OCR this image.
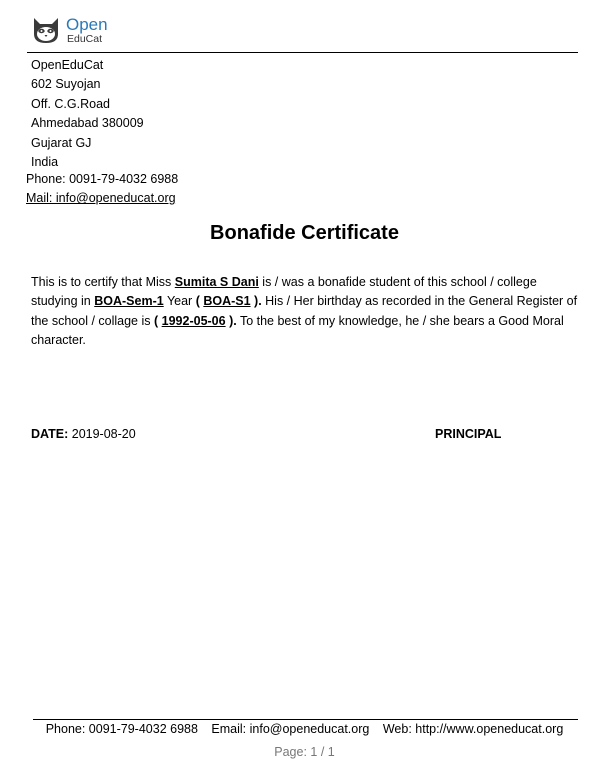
Open
EduCat
OpenEduCat
602 Suyojan
Off. C.G.Road
Ahmedabad 380009
Gujarat GJ
India
Phone: 0091-79-4032 6988
Mail: info@openeducat.org
Bonafide Certificate
This is to certify that Miss Sumita S Dani is / was a bonafide student of this school / college studying in BOA-Sem-1 Year ( BOA-S1 ). His / Her birthday as recorded in the General Register of the school / collage is ( 1992-05-06 ). To the best of my knowledge, he / she bears a Good Moral character.
DATE: 2019-08-20	PRINCIPAL
Phone: 0091-79-4032 6988 Email: info@openeducat.org Web: http://www.openeducat.org
Page: 1 / 1
